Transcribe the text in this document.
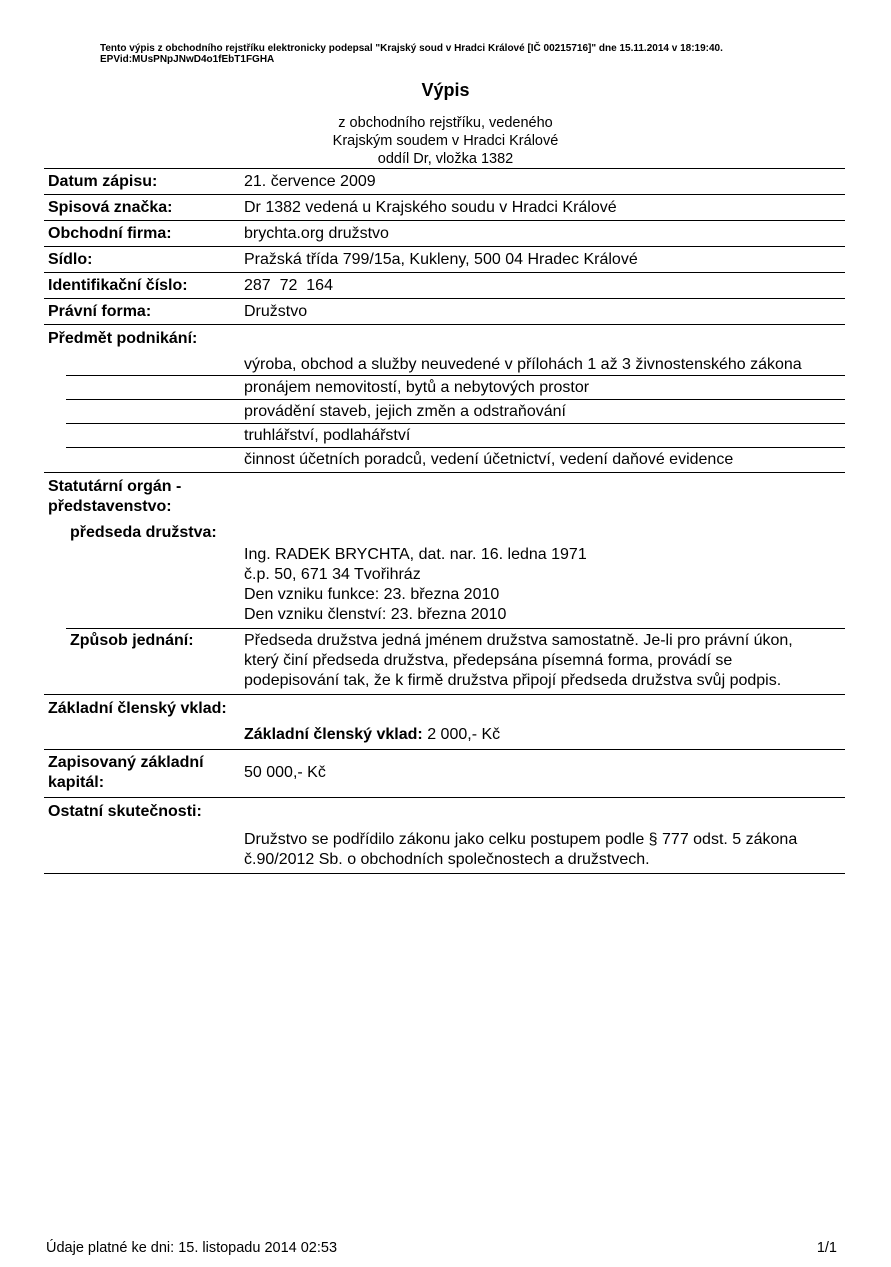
Tento výpis z obchodního rejstříku elektronicky podepsal "Krajský soud v Hradci Králové [IČ 00215716]" dne 15.11.2014 v 18:19:40.
EPVid:MUsPNpJNwD4o1fEbT1FGHA
Výpis
z obchodního rejstříku, vedeného
Krajským soudem v Hradci Králové
oddíl Dr, vložka 1382
Datum zápisu:	21. července 2009
Spisová značka:	Dr 1382 vedená u Krajského soudu v Hradci Králové
Obchodní firma:	brychta.org družstvo
Sídlo:	Pražská třída 799/15a, Kukleny, 500 04 Hradec Králové
Identifikační číslo:	287  72  164
Právní forma:	Družstvo
Předmět podnikání:
výroba, obchod a služby neuvedené v přílohách 1 až 3 živnostenského zákona
pronájem nemovitostí, bytů a nebytových prostor
provádění staveb, jejich změn a odstraňování
truhlářství, podlahářství
činnost účetních poradců, vedení účetnictví, vedení daňové evidence
Statutární orgán -
představenstvo:
předseda družstva:
Ing. RADEK BRYCHTA, dat. nar. 16. ledna 1971
č.p. 50, 671 34 Tvořihráz
Den vzniku funkce: 23. března 2010
Den vzniku členství: 23. března 2010
Způsob jednání:	Předseda družstva jedná jménem družstva samostatně. Je-li pro právní úkon,
který činí předseda družstva, předepsána písemná forma, provádí se
podepisování tak, že k firmě družstva připojí předseda družstva svůj podpis.
Základní členský vklad:
Základní členský vklad: 2 000,- Kč
Zapisovaný základní
kapitál:
50 000,- Kč
Ostatní skutečnosti:
Družstvo se podřídilo zákonu jako celku postupem podle § 777 odst. 5 zákona
č.90/2012 Sb. o obchodních společnostech a družstvech.
Údaje platné ke dni: 15. listopadu 2014 02:53	1/1
